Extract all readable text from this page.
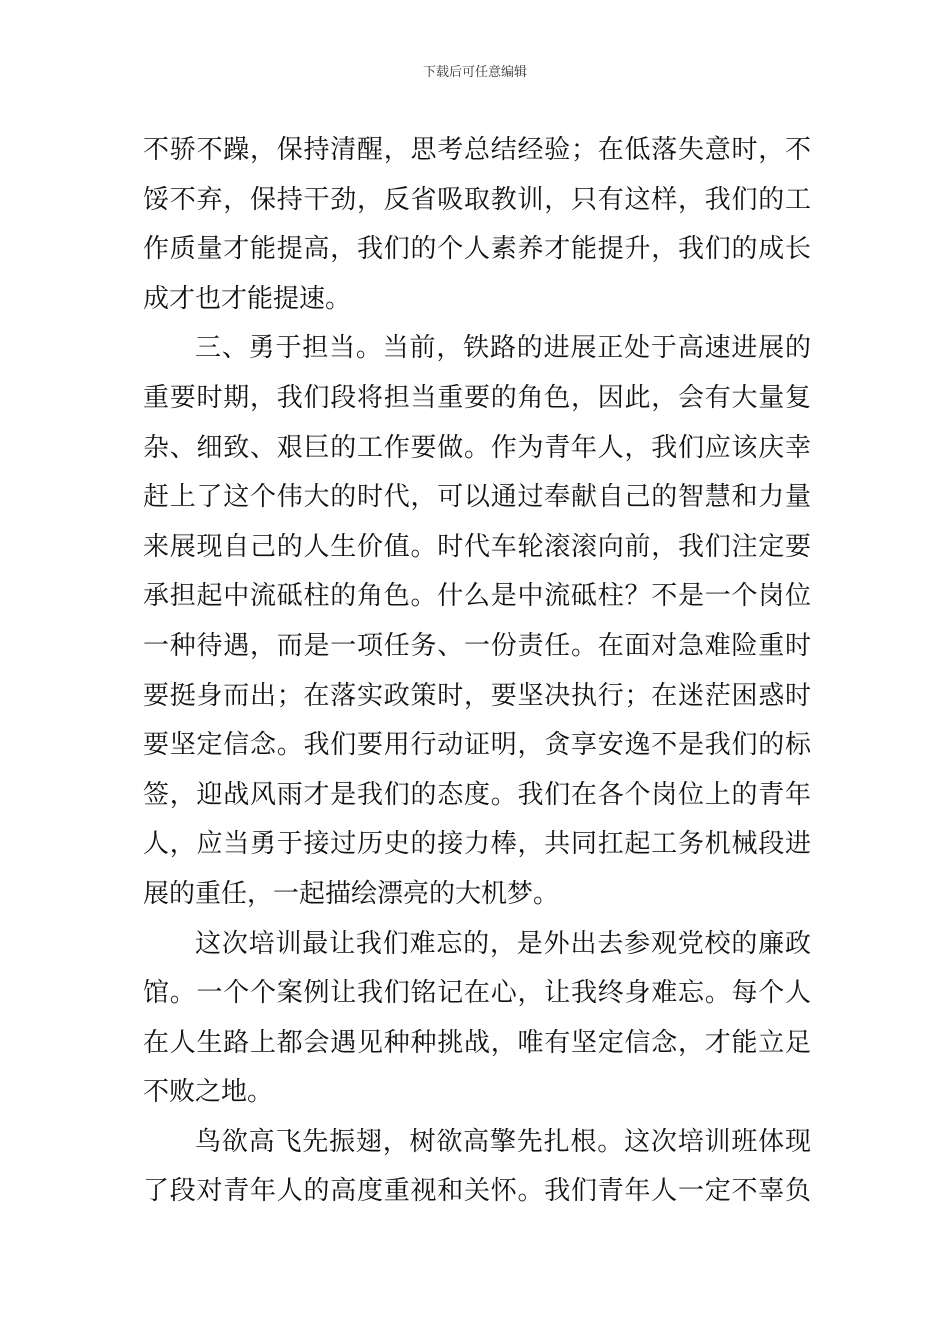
下载后可任意编辑
不骄不躁，保持清醒，思考总结经验；在低落失意时，不
馁不弃，保持干劲，反省吸取教训，只有这样，我们的工
作质量才能提高，我们的个人素养才能提升，我们的成长
成才也才能提速。
三、勇于担当。当前，铁路的进展正处于高速进展的
重要时期，我们段将担当重要的角色，因此，会有大量复
杂、细致、艰巨的工作要做。作为青年人，我们应该庆幸
赶上了这个伟大的时代，可以通过奉献自己的智慧和力量
来展现自己的人生价值。时代车轮滚滚向前，我们注定要
承担起中流砥柱的角色。什么是中流砥柱？不是一个岗位
一种待遇，而是一项任务、一份责任。在面对急难险重时
要挺身而出；在落实政策时，要坚决执行；在迷茫困惑时
要坚定信念。我们要用行动证明，贪享安逸不是我们的标
签，迎战风雨才是我们的态度。我们在各个岗位上的青年
人，应当勇于接过历史的接力棒，共同扛起工务机械段进
展的重任，一起描绘漂亮的大机梦。
这次培训最让我们难忘的，是外出去参观党校的廉政
馆。一个个案例让我们铭记在心，让我终身难忘。每个人
在人生路上都会遇见种种挑战，唯有坚定信念，才能立足
不败之地。
鸟欲高飞先振翅，树欲高擎先扎根。这次培训班体现
了段对青年人的高度重视和关怀。我们青年人一定不辜负
